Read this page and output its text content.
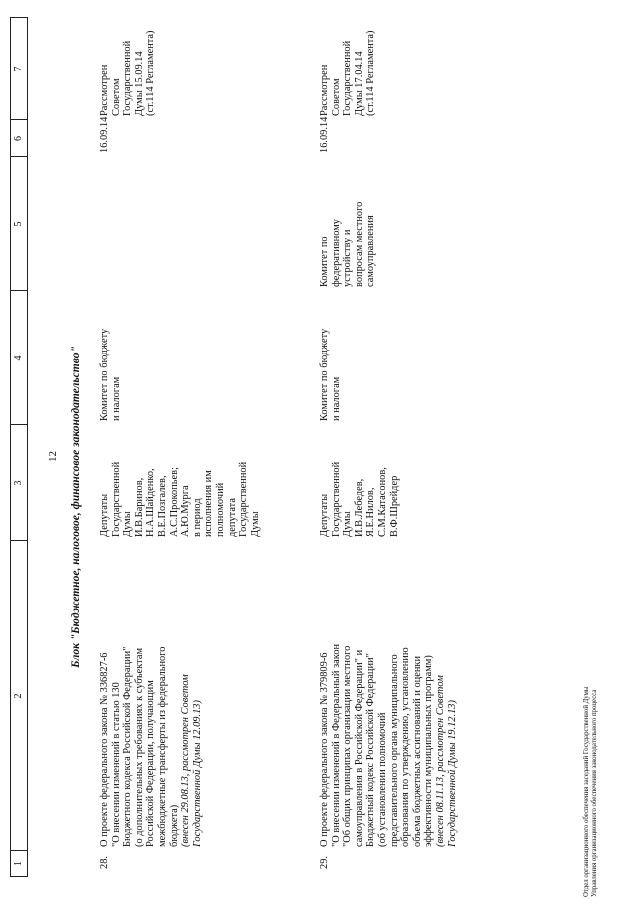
1
2
3
4
5
6
7
12 Блок "Бюджетное, налоговое, финансовое законодательство"
28.
О проекте федерального закона № 336827-6
"О внесении изменений в статью 130
Бюджетного кодекса Российской Федерации"
(о дополнительных требованиях к субъектам
Российской Федерации, получающим
межбюджетные трансферты из федерального
бюджета) (внесен 29.08.13, рассмотрен Советом
Государственной Думы 12.09.13)
Депутаты
Государственной
Думы
И.В.Баринов,
Н.А.Шайденко,
В.Е.Позгалев,
А.С.Прокопьев;
А.Ю.Мурга
в период
исполнения им
полномочий
депутата
Государственной
Думы
Комитет по бюджету
и налогам
16.09.14
Рассмотрен
Советом
Государственной
Думы 15.09.14
(ст.114 Регламента)
29.
О проекте федерального закона № 379809-6
"О внесении изменений в Федеральный закон
"Об общих принципах организации местного
самоуправления в Российской Федерации" и
Бюджетный кодекс Российской Федерации"
(об установлении полномочий
представительного органа муниципального
образования по утверждению, установлению
объема бюджетных ассигнований и оценки
эффективности муниципальных программ)
(внесен 08.11.13, рассмотрен Советом
Государственной Думы 19.12.13)
Депутаты
Государственной
Думы
И.В.Лебедев,
Я.Е.Нилов,
С.М.Катасонов,
В.Ф.Шрейдер
Комитет по бюджету
и налогам
Комитет по
федеративному
устройству и
вопросам местного
самоуправления
16.09.14
Рассмотрен
Советом
Государственной
Думы 17.04.14
(ст.114 Регламента)
Отдел организационного обеспечения заседаний Государственной Думы
Управления организационного обеспечения законодательного процесса
